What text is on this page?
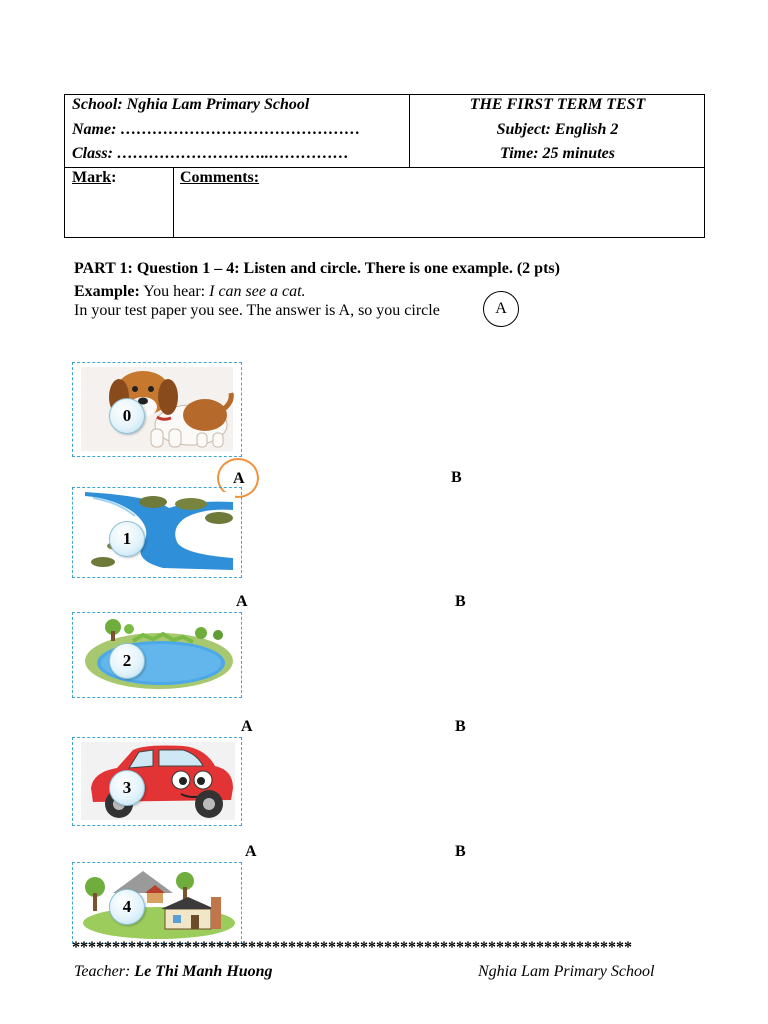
School: Nghia Lam Primary School
Name: ………………………………………
Class: ………………………..……………
THE FIRST TERM TEST
Subject: English 2
Time: 25 minutes
Mark:	Comments:
PART 1: Question 1 – 4: Listen and circle. There is one example. (2 pts)
Example: You hear: I can see a cat.
In your test paper you see. The answer is A, so you circle	A
0
A	B
1
A	B
2
A	B
3
A	B
4
**********************************************************************
Teacher: Le Thi Manh Huong	Nghia Lam Primary School
